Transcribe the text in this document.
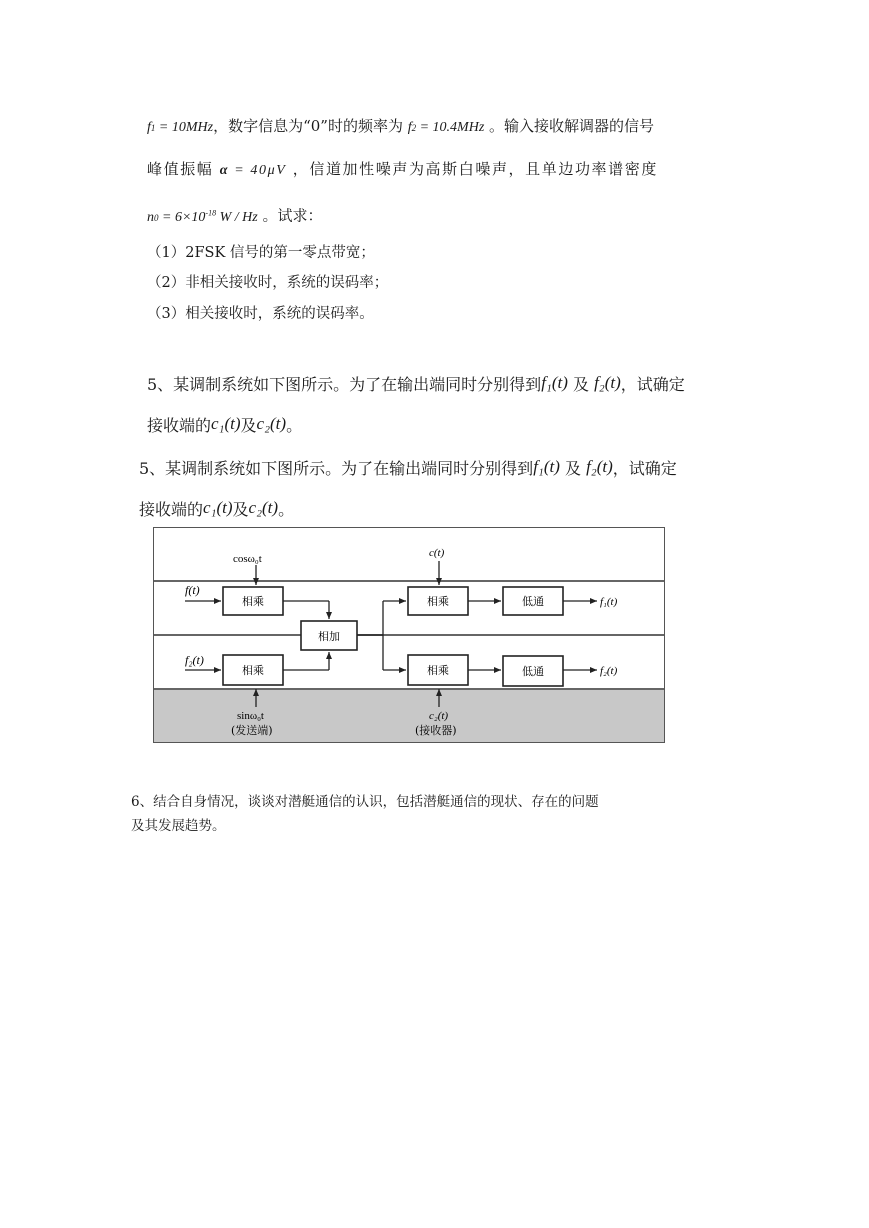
f1 = 10MHz，数字信息为“0”时的频率为 f2 = 10.4MHz 。输入接收解调器的信号
峰值振幅 α = 40μV ，信道加性噪声为高斯白噪声，且单边功率谱密度
$n0 = 6\times 10^{-18}$ W / Hz 。试求：
（1）2FSK 信号的第一零点带宽；
（2）非相关接收时，系统的误码率；
（3）相关接收时，系统的误码率。
5、某调制系统如下图所示。为了在输出端同时分别得到f₁(t) 及 f₂(t)，试确定
接收端的c₁(t)及c₂(t)。
5、某调制系统如下图所示。为了在输出端同时分别得到f₁(t) 及 f₂(t)，试确定
接收端的c₁(t)及c₂(t)。
cosω₀t
f(t)
相乘
f₂(t)
相乘
sinω₀t
(发送端)
相加
c(t)
相乘	低通	f₁(t)
相乘	低通	f₂(t)
c₂(t)
(接收器)
6、结合自身情况，谈谈对潜艇通信的认识，包括潜艇通信的现状、存在的问题
及其发展趋势。
